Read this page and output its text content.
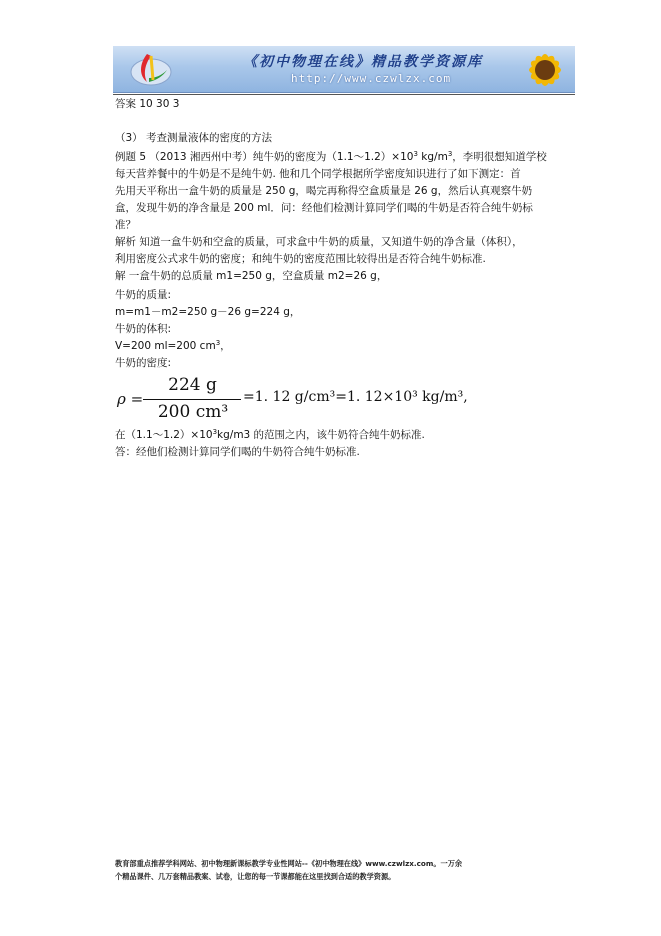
《初中物理在线》精品教学资源库
http://www.czwlzx.com
答案 10 30 3
（3） 考查测量液体的密度的方法
例题 5 （2013 湘西州中考）纯牛奶的密度为$(1.1\sim 1.2)\times 10^3$ $kg/m^3$，李明很想知道学校
每天营养餐中的牛奶是不是纯牛奶. 他和几个同学根据所学密度知识进行了如下测定：首
先用天平称出一盒牛奶的质量是 250 g，喝完再称得空盒质量是 26 g，然后认真观察牛奶
盒，发现牛奶的净含量是 200 ml．问：经他们检测计算同学们喝的牛奶是否符合纯牛奶标
准？
解析 知道一盒牛奶和空盒的质量，可求盒中牛奶的质量，又知道牛奶的净含量（体积），
利用密度公式求牛奶的密度；和纯牛奶的密度范围比较得出是否符合纯牛奶标准.
解 一盒牛奶的总质量 m1=250 g，空盒质量 m2=26 g，
牛奶的质量:
m=m1－m2=250 g－26 g=224 g，
牛奶的体积:
V=200 ml=200 $cm^3$，
牛奶的密度:
ρ =
224 g
200 cm³
=1. 12 g/cm³=1. 12×10³ kg/m³,
在$(1.1\sim 1.2)\times 10^3kg/m3$ 的范围之内，该牛奶符合纯牛奶标准.
答：经他们检测计算同学们喝的牛奶符合纯牛奶标准.
教育部重点推荐学科网站、初中物理新课标教学专业性网站--《初中物理在线》www.czwlzx.com。一万余
个精品课件、几万套精品教案、试卷，让您的每一节课都能在这里找到合适的教学资源。
